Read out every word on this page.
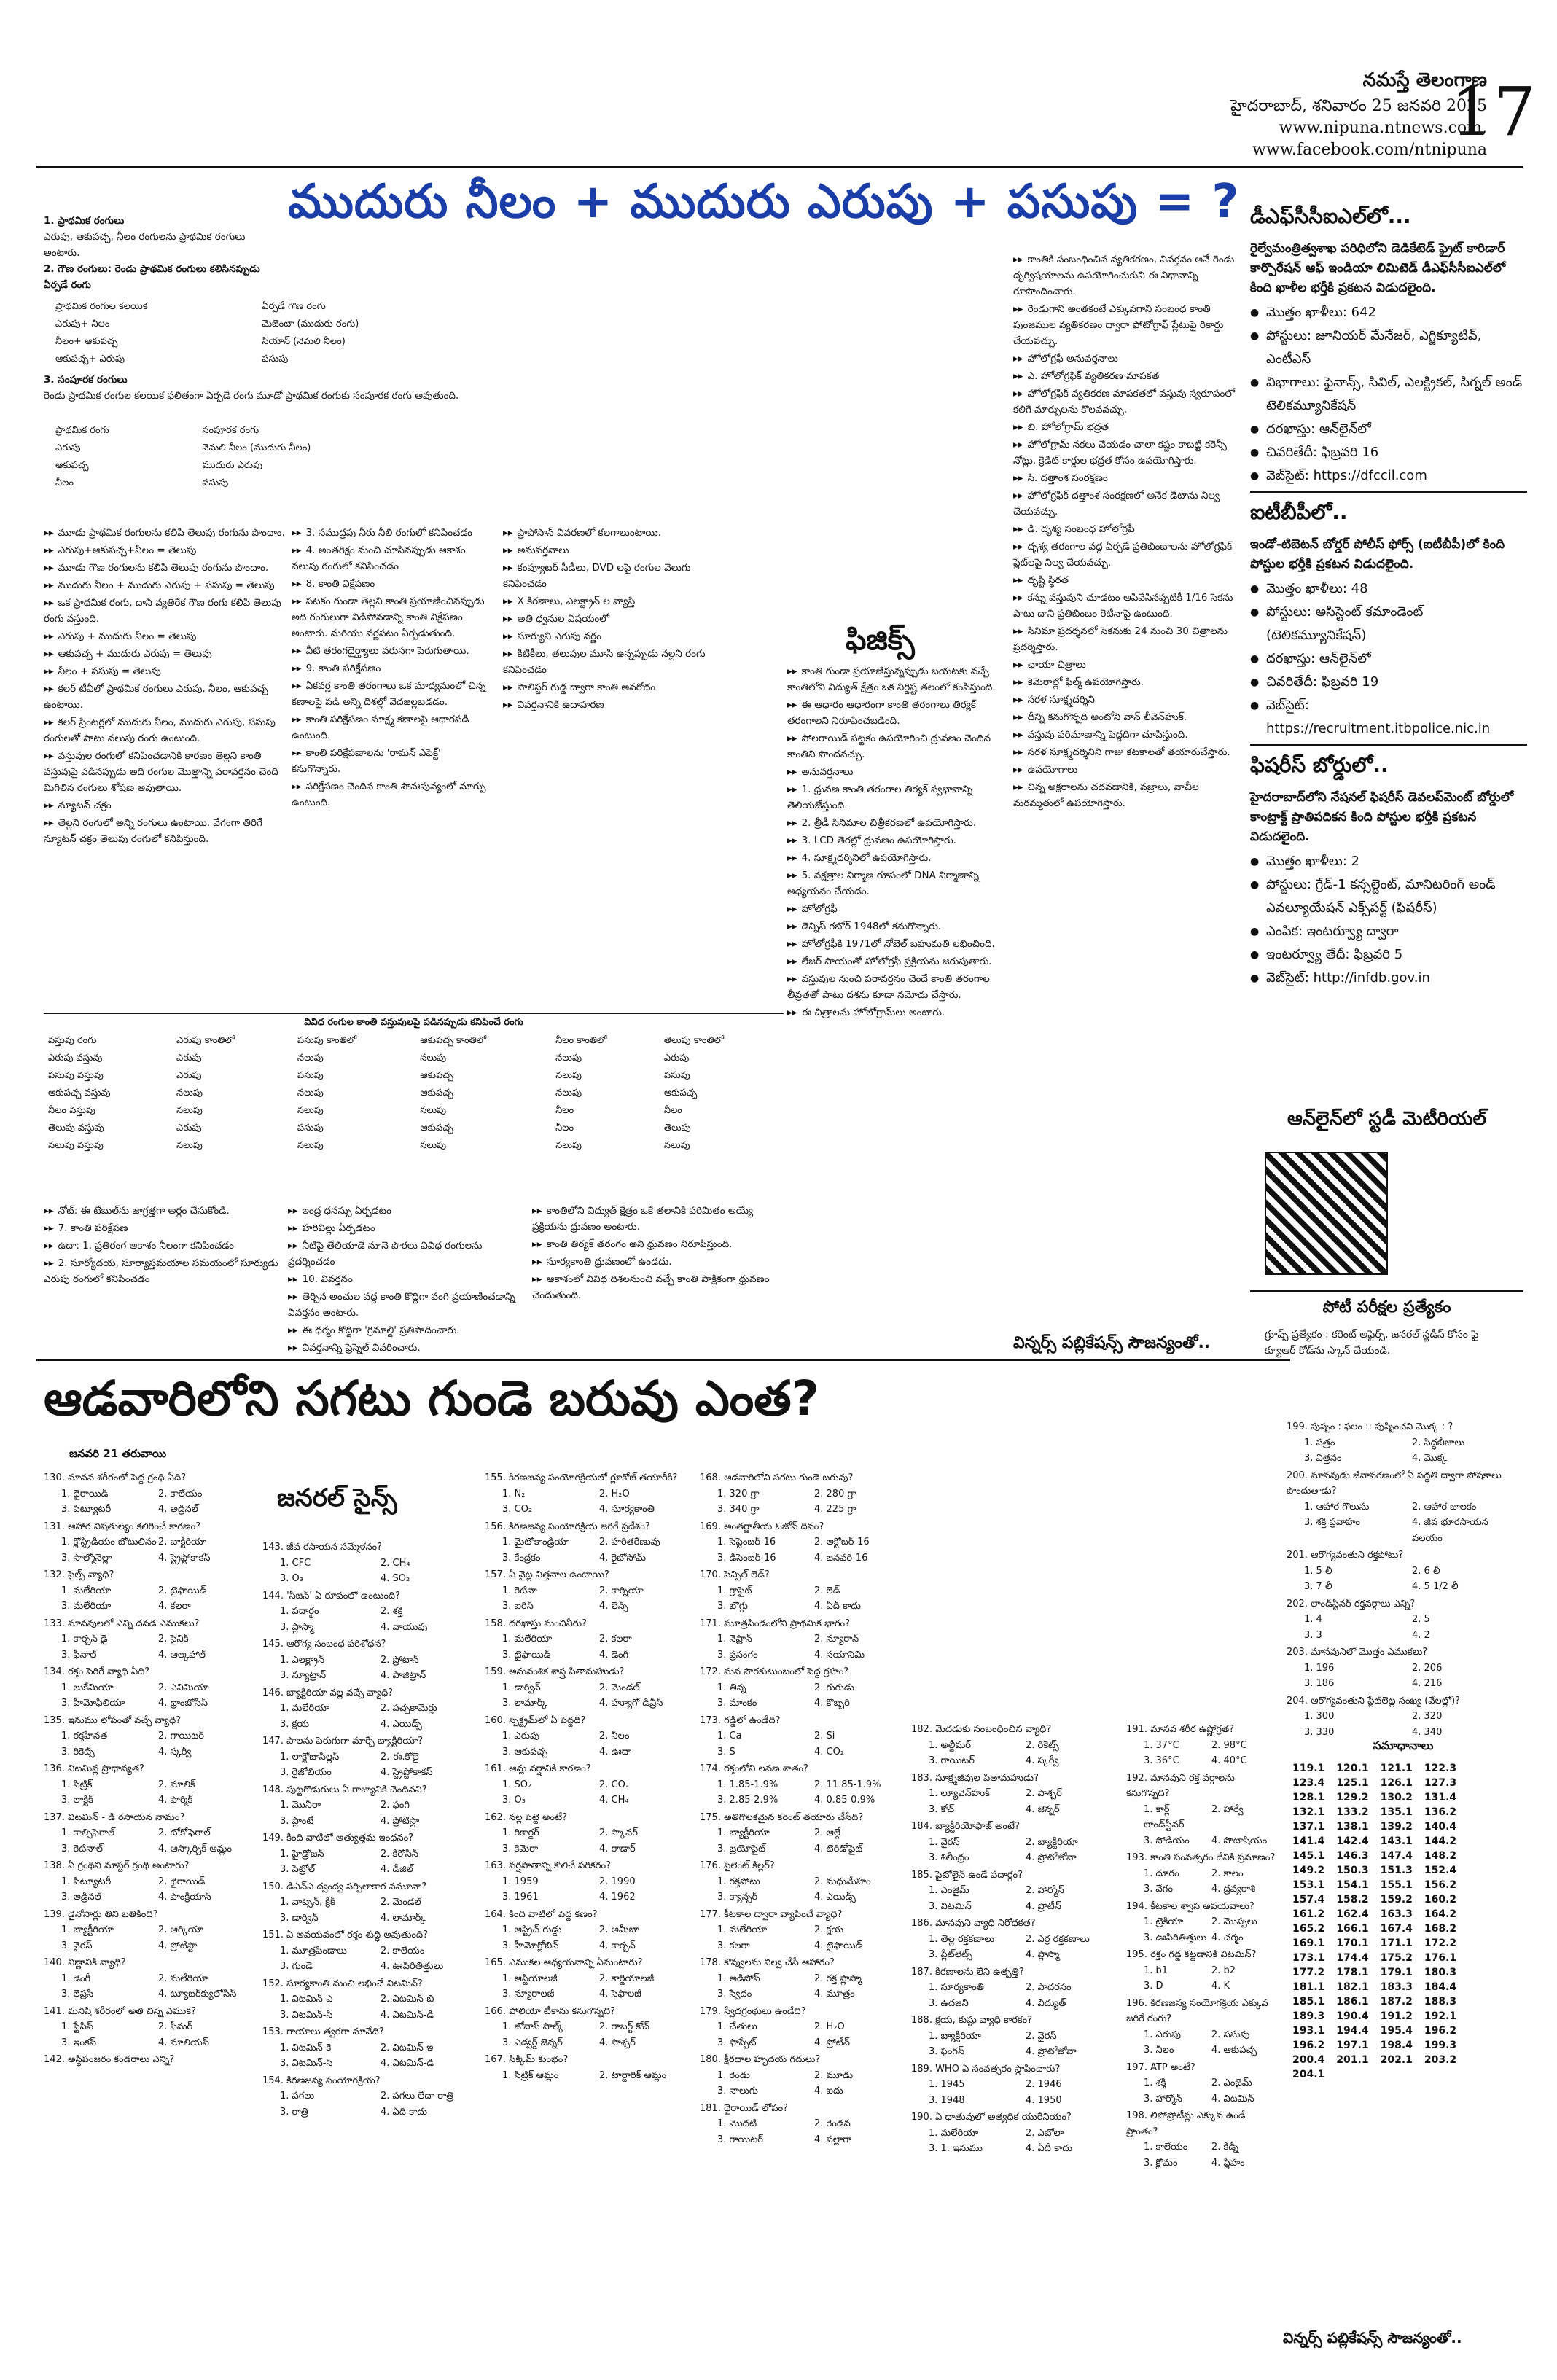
నమస్తే తెలంగాణ
హైదరాబాద్, శనివారం 25 జనవరి 2025
www.nipuna.ntnews.com,
www.facebook.com/ntnipuna
17
ముదురు నీలం + ముదురు ఎరుపు + పసుపు = ?
1. ప్రాథమిక రంగులు
ఎరుపు, ఆకుపచ్చ, నీలం రంగులను ప్రాథమిక రంగులు అంటారు.
2. గౌణ రంగులు: రెండు ప్రాథమిక రంగులు కలిసినప్పుడు ఏర్పడే రంగు
ప్రాథమిక రంగుల కలయిక	ఏర్పడే గౌణ రంగు
ఎరుపు+ నీలం	మెజెంటా (ముదురు రంగు)
నీలం+ ఆకుపచ్చ	సియాన్ (నెమలి నీలం)
ఆకుపచ్చ+ ఎరుపు	పసుపు
3. సంపూరక రంగులు
రెండు ప్రాథమిక రంగుల కలయిక ఫలితంగా ఏర్పడే రంగు మూడో ప్రాథమిక రంగుకు సంపూరక రంగు అవుతుంది.
ప్రాథమిక రంగు	సంపూరక రంగు
ఎరుపు	నెమలి నీలం (ముదురు నీలం)
ఆకుపచ్చ	ముదురు ఎరుపు
నీలం	పసుపు
▸▸ మూడు ప్రాథమిక రంగులను కలిపి తెలుపు రంగును పొందాం.
▸▸ ఎరుపు+ఆకుపచ్చ+నీలం = తెలుపు
▸▸ మూడు గౌణ రంగులను కలిపి తెలుపు రంగును పొందాం.
▸▸ ముదురు నీలం + ముదురు ఎరుపు + పసుపు = తెలుపు
▸▸ ఒక ప్రాథమిక రంగు, దాని వ్యతిరేక గౌణ రంగు కలిపి తెలుపు రంగు వస్తుంది.
▸▸ ఎరుపు + ముదురు నీలం = తెలుపు
▸▸ ఆకుపచ్చ + ముదురు ఎరుపు = తెలుపు
▸▸ నీలం + పసుపు = తెలుపు
▸▸ కలర్ టీవీలో ప్రాథమిక రంగులు ఎరుపు, నీలం, ఆకుపచ్చ ఉంటాయి.
▸▸ కలర్ ప్రింటర్లలో ముదురు నీలం, ముదురు ఎరుపు, పసుపు రంగులతో పాటు నలుపు రంగు ఉంటుంది.
▸▸ వస్తువుల రంగులో కనిపించడానికి కారణం తెల్లని కాంతి వస్తువుపై పడినప్పుడు అది రంగుల మొత్తాన్ని పరావర్తనం చెంది మిగిలిన రంగులు శోషణ అవుతాయి.
▸▸ న్యూటన్ చక్రం
▸▸ తెల్లని రంగులో అన్ని రంగులు ఉంటాయి. వేగంగా తిరిగే న్యూటన్ చక్రం తెలుపు రంగులో కనిపిస్తుంది.
▸▸ 3. సముద్రపు నీరు నీలి రంగులో కనిపించడం
▸▸ 4. అంతరిక్షం నుంచి చూసినప్పుడు ఆకాశం నలుపు రంగులో కనిపించడం
▸▸ 8. కాంతి విక్షేపణం
▸▸ పటకం గుండా తెల్లని కాంతి ప్రయాణించినప్పుడు అది రంగులుగా విడిపోవడాన్ని కాంతి విక్షేపణం అంటారు. మరియు వర్ణపటం ఏర్పడుతుంది.
▸▸ వీటి తరంగదైర్ఘ్యాలు వరుసగా పెరుగుతాయి.
▸▸ 9. కాంతి పరిక్షేపణం
▸▸ ఏకవర్ణ కాంతి తరంగాలు ఒక మాధ్యమంలో చిన్న కణాలపై పడి అన్ని దిశల్లో వెదజల్లబడడం.
▸▸ కాంతి పరిక్షేపణం సూక్ష్మ కణాలపై ఆధారపడి ఉంటుంది.
▸▸ కాంతి పరిక్షేపణాలను 'రామన్ ఎఫెక్ట్' కనుగొన్నారు.
▸▸ పరిక్షేపణం చెందిన కాంతి పౌనఃపున్యంలో మార్పు ఉంటుంది.
▸▸ ప్రాపోసాన్ వివరణలో కలగాలుంటాయి.
▸▸ అనువర్తనాలు
▸▸ కంప్యూటర్ సీడీలు, DVD లపై రంగుల వెలుగు కనిపించడం
▸▸ X కిరణాలు, ఎలక్ట్రాన్ ల వ్యాప్తి
▸▸ అతి ధ్వనుల విషయంలో
▸▸ సూర్యుని ఎరుపు వర్ణం
▸▸ కిటికీలు, తలుపుల మూసి ఉన్నప్పుడు నల్లని రంగు కనిపించడం
▸▸ పాలిస్టర్ గుడ్డ ద్వారా కాంతి అవరోధం
▸▸ వివర్తనానికి ఉదాహరణ
వివిధ రంగుల కాంతి వస్తువులపై పడినప్పుడు కనిపించే రంగు
వస్తువు రంగు	ఎరుపు కాంతిలో	పసుపు కాంతిలో	ఆకుపచ్చ కాంతిలో	నీలం కాంతిలో	తెలుపు కాంతిలో
ఎరుపు వస్తువు	ఎరుపు	నలుపు	నలుపు	నలుపు	ఎరుపు
పసుపు వస్తువు	ఎరుపు	పసుపు	ఆకుపచ్చ	నలుపు	పసుపు
ఆకుపచ్చ వస్తువు	నలుపు	నలుపు	ఆకుపచ్చ	నలుపు	ఆకుపచ్చ
నీలం వస్తువు	నలుపు	నలుపు	నలుపు	నీలం	నీలం
తెలుపు వస్తువు	ఎరుపు	పసుపు	ఆకుపచ్చ	నీలం	తెలుపు
నలుపు వస్తువు	నలుపు	నలుపు	నలుపు	నలుపు	నలుపు
▸▸ నోట్: ఈ టేబుల్‌ను జాగ్రత్తగా అర్థం చేసుకోండి.
▸▸ 7. కాంతి పరిక్షేపణ
▸▸ ఉదా: 1. ప్రతిరంగ ఆకాశం నీలంగా కనిపించడం
▸▸ 2. సూర్యోదయ, సూర్యాస్తమయాల సమయంలో సూర్యుడు ఎరుపు రంగులో కనిపించడం
▸▸ ఇంద్ర ధనస్సు ఏర్పడటం
▸▸ హరివిల్లు ఏర్పడటం
▸▸ నీటిపై తేలియాడే నూనె పొరలు వివిధ రంగులను ప్రదర్శించడం
▸▸ 10. వివర్తనం
▸▸ తెర్చిన అంచుల వద్ద కాంతి కొద్దిగా వంగి ప్రయాణించడాన్ని వివర్తనం అంటారు.
▸▸ ఈ ధర్మం కొద్దిగా 'గ్రిమాల్డి' ప్రతిపాదించారు.
▸▸ వివర్తనాన్ని ఫ్రెస్నెల్ వివరించారు.
▸▸ కాంతిలోని విద్యుత్ క్షేత్రం ఒకే తలానికి పరిమితం అయ్యే ప్రక్రియను ధ్రువణం అంటారు.
▸▸ కాంతి తిర్యక్ తరంగం అని ధ్రువణం నిరూపిస్తుంది.
▸▸ సూర్యకాంతి ధ్రువణంలో ఉండదు.
▸▸ ఆకాశంలో వివిధ దిశలనుంచి వచ్చే కాంతి పాక్షికంగా ధ్రువణం చెందుతుంది.
ఫిజిక్స్
▸▸ కాంతి గుండా ప్రయాణిస్తున్నప్పుడు బయటకు వచ్చే కాంతిలోని విద్యుత్ క్షేత్రం ఒక నిర్దిష్ట తలంలో కంపిస్తుంది.
▸▸ ఈ ఆధారం ఆధారంగా కాంతి తరంగాలు తిర్యక్ తరంగాలని నిరూపించబడింది.
▸▸ పోలరాయిడ్ పట్టకం ఉపయోగించి ధ్రువణం చెందిన కాంతిని పొందవచ్చు.
▸▸ అనువర్తనాలు
▸▸ 1. ధ్రువణ కాంతి తరంగాల తిర్యక్ స్వభావాన్ని తెలియజేస్తుంది.
▸▸ 2. త్రీడీ సినిమాల చిత్రీకరణలో ఉపయోగిస్తారు.
▸▸ 3. LCD తెరల్లో ధ్రువణం ఉపయోగిస్తారు.
▸▸ 4. సూక్ష్మదర్శినిలో ఉపయోగిస్తారు.
▸▸ 5. నక్షత్రాల నిర్మాణ రూపంలో DNA నిర్మాణాన్ని అధ్యయనం చేయడం.
▸▸ హోలోగ్రఫీ
▸▸ డెన్నిస్ గబోర్ 1948లో కనుగొన్నారు.
▸▸ హోలోగ్రఫీకి 1971లో నోబెల్ బహుమతి లభించింది.
▸▸ లేజర్ సాయంతో హోలోగ్రఫీ ప్రక్రియను జరుపుతారు.
▸▸ వస్తువుల నుంచి పరావర్తనం చెందే కాంతి తరంగాల తీవ్రతతో పాటు దశను కూడా నమోదు చేస్తారు.
▸▸ ఈ చిత్రాలను హోలోగ్రామ్‌లు అంటారు.
▸▸ కాంతికి సంబంధించిన వ్యతికరణం, వివర్తనం అనే రెండు దృగ్విషయాలను ఉపయోగించుకుని ఈ విధానాన్ని రూపొందించారు.
▸▸ రెండుగాని అంతకంటే ఎక్కువగాని సంబంధ కాంతి పుంజముల వ్యతికరణం ద్వారా ఫోటోగ్రాఫ్ ప్లేటుపై రికార్డు చేయవచ్చు.
▸▸ హోలోగ్రఫీ అనువర్తనాలు
▸▸ ఎ. హోలోగ్రఫిక్ వ్యతికరణ మాపకత
▸▸ హోలోగ్రఫిక్ వ్యతికరణ మాపకతలో వస్తువు స్వరూపంలో కలిగే మార్పులను కొలవవచ్చు.
▸▸ బి. హోలోగ్రామ్ భద్రత
▸▸ హోలోగ్రామ్ నకలు చేయడం చాలా కష్టం కాబట్టి కరెన్సీ నోట్లు, క్రెడిట్ కార్డుల భద్రత కోసం ఉపయోగిస్తారు.
▸▸ సి. దత్తాంశ సంరక్షణం
▸▸ హోలోగ్రఫిక్ దత్తాంశ సంరక్షణలో అనేక డేటాను నిల్వ చేయవచ్చు.
▸▸ డి. దృశ్య సంబంధ హోలోగ్రఫీ
▸▸ దృశ్య తరంగాల వద్ద ఏర్పడే ప్రతిబింబాలను హోలోగ్రఫిక్ ప్లేట్‌లపై నిల్వ చేయవచ్చు.
▸▸ దృష్టి స్థిరత
▸▸ కన్ను వస్తువుని చూడటం ఆపివేసినప్పటికీ 1/16 సెకను పాటు దాని ప్రతిబింబం రెటీనాపై ఉంటుంది.
▸▸ సినిమా ప్రదర్శనలో సెకనుకు 24 నుంచి 30 చిత్రాలను ప్రదర్శిస్తారు.
▸▸ ఛాయా చిత్రాలు
▸▸ కెమెరాల్లో ఫిల్మ్ ఉపయోగిస్తారు.
▸▸ సరళ సూక్ష్మదర్శిని
▸▸ దీన్ని కనుగొన్నది అంటోని వాన్ లీవెన్‌హుక్.
▸▸ వస్తువు పరిమాణాన్ని పెద్దదిగా చూపిస్తుంది.
▸▸ సరళ సూక్ష్మదర్శినిని గాజు కటకాలతో తయారుచేస్తారు.
▸▸ ఉపయోగాలు
▸▸ చిన్న అక్షరాలను చదవడానికి, వజ్రాలు, వాచీల మరమ్మతులో ఉపయోగిస్తారు.
విన్నర్స్ పబ్లికేషన్స్ సౌజన్యంతో..
డీఎఫ్‌సీసీఐఎల్‌లో...

రైల్వేమంత్రిత్వశాఖ పరిధిలోని డెడికేటెడ్ ఫ్రైట్ కారిడార్ కార్పొరేషన్ ఆఫ్ ఇండియా లిమిటెడ్ డీఎఫ్‌సీసీఐఎల్‌లో కింది ఖాళీల భర్తీకి ప్రకటన విడుదలైంది.

● మొత్తం ఖాళీలు: 642
● పోస్టులు: జూనియర్ మేనేజర్, ఎగ్జిక్యూటివ్, ఎంటీఎస్
● విభాగాలు: ఫైనాన్స్, సివిల్, ఎలక్ట్రికల్, సిగ్నల్ అండ్ టెలికమ్యూనికేషన్
● దరఖాస్తు: ఆన్‌లైన్‌లో
● చివరితేదీ: ఫిబ్రవరి 16
● వెబ్‌సైట్: https://dfccil.com
ఐటీబీపీలో..

ఇండో-టిబెటన్ బోర్డర్ పోలీస్ ఫోర్స్ (ఐటీబీపీ)లో కింది పోస్టుల భర్తీకి ప్రకటన విడుదలైంది.

● మొత్తం ఖాళీలు: 48
● పోస్టులు: అసిస్టెంట్ కమాండెంట్ (టెలికమ్యూనికేషన్)
● దరఖాస్తు: ఆన్‌లైన్‌లో
● చివరితేదీ: ఫిబ్రవరి 19
● వెబ్‌సైట్: https://recruitment.itbpolice.nic.in
ఫిషరీస్ బోర్డులో..

హైదరాబాద్‌లోని నేషనల్ ఫిషరీస్ డెవలప్‌మెంట్ బోర్డులో కాంట్రాక్ట్ ప్రాతిపదికన కింది పోస్టుల భర్తీకి ప్రకటన విడుదలైంది.

● మొత్తం ఖాళీలు: 2
● పోస్టులు: గ్రేడ్-1 కన్సల్టెంట్, మానిటరింగ్ అండ్ ఎవల్యూయేషన్ ఎక్స్‌పర్ట్ (ఫిషరీస్)
● ఎంపిక: ఇంటర్వ్యూ ద్వారా
● ఇంటర్వ్యూ తేదీ: ఫిబ్రవరి 5
● వెబ్‌సైట్: http://infdb.gov.in
ఆన్‌లైన్‌లో స్టడీ మెటీరియల్
పోటీ పరీక్షల ప్రత్యేకం
గ్రూప్స్ ప్రత్యేకం : కరెంట్ అఫైర్స్, జనరల్ స్టడీస్ కోసం పై క్యూఆర్ కోడ్‌ను స్కాన్ చేయండి.
ఆడవారిలోని సగటు గుండె బరువు ఎంత?
జనవరి 21 తరువాయి
జనరల్ సైన్స్
130. మానవ శరీరంలో పెద్ద గ్రంథి ఏది?
1. థైరాయిడ్	2. కాలేయం
3. పిట్యూటరీ	4. అడ్రినల్
131. ఆహార విషతుల్యం కలిగించే కారణం?
1. క్లోస్ట్రిడియం బోటులినం 2. బాక్టీరియా
3. సాల్మోనెల్లా	4. స్ట్రెప్టోకాకస్
132. పైల్స్ వ్యాధి?
1. మలేరియా	2. టైఫాయిడ్
3. మలేరియా	4. కలరా
133. మానవులలో ఎన్ని దవడ ఎముకలు?
1. కార్బన్ డై	2. సైనిక్
3. ఫీనాల్	4. ఆల్కహాల్
134. రక్తం పెరిగే వ్యాధి ఏది?
1. లుకేమియా	2. ఎనిమియా
3. హీమోఫిలియా	4. థ్రాంబోసిస్
135. ఇనుము లోపంతో వచ్చే వ్యాధి?
1. రక్తహీనత	2. గాయిటర్
3. రికెట్స్	4. స్కర్వీ
136. విటమిన్ల ప్రాధాన్యత?
1. సిట్రిక్	2. మాలిక్
3. లాక్టిక్	4. ఫార్మిక్
137. విటమిన్ - డి రసాయన నామం?
1. కాల్సిఫెరాల్	2. టోకోఫెరాల్
3. రెటినాల్	4. ఆస్కార్బిక్ ఆమ్లం
138. ఏ గ్రంథిని మాస్టర్ గ్రంథి అంటారు?
1. పిట్యూటరీ	2. థైరాయిడ్
3. అడ్రినల్	4. పాంక్రియాస్
139. డైనోసార్లు తిని బతికింది?
1. బ్యాక్టీరియా	2. ఆర్కియా
3. వైరస్	4. ప్రోటిస్టా
140. నిణ్ణానికి వ్యాధి?
1. డెంగీ	2. మలేరియా
3. లెప్రసీ	4. ట్యూబర్‌క్యులోసిస్
141. మనిషి శరీరంలో అతి చిన్న ఎముక?
1. స్టేపిస్	2. ఫీమర్
3. ఇంకస్	4. మాలియస్
142. అస్థిపంజరం కండరాలు ఎన్ని?
143. జీవ రసాయన సమ్మేళనం?
1. CFC	2. CH₄
3. O₃	4. SO₂
144. 'సీజన్' ఏ రూపంలో ఉంటుంది?
1. పదార్థం	2. శక్తి
3. ప్లాస్మా	4. వాయువు
145. ఆరోగ్య సంబంధ పరిశోధన?
1. ఎలక్ట్రాన్	2. ప్రోటాన్
3. న్యూట్రాన్	4. పాజిట్రాన్
146. బ్యాక్టీరియా వల్ల వచ్చే వ్యాధి?
1. మలేరియా	2. పచ్చకామెర్లు
3. క్షయ	4. ఎయిడ్స్
147. పాలను పెరుగుగా మార్చే బ్యాక్టీరియా?
1. లాక్టోబాసిల్లస్	2. ఈ.కోలై
3. రైజోబియం	4. స్ట్రెప్టోకాకస్
148. పుట్టగొడుగులు ఏ రాజ్యానికి చెందినవి?
1. మొనీరా	2. ఫంగి
3. ప్లాంటే	4. ప్రోటిస్టా
149. కింది వాటిలో అత్యుత్తమ ఇంధనం?
1. హైడ్రోజన్	2. కిరోసిన్
3. పెట్రోల్	4. డీజిల్
150. డిఎన్ఎ ద్వంద్వ సర్పిలాకార నమూనా?
1. వాట్సన్, క్రిక్	2. మెండల్
3. డార్విన్	4. లామార్క్
151. ఏ అవయవంలో రక్తం శుద్ధి అవుతుంది?
1. మూత్రపిండాలు	2. కాలేయం
3. గుండె	4. ఊపిరితిత్తులు
152. సూర్యకాంతి నుంచి లభించే విటమిన్?
1. విటమిన్-ఎ	2. విటమిన్-బి
3. విటమిన్-సి	4. విటమిన్-డి
153. గాయాలు త్వరగా మానేది?
1. విటమిన్-కె	2. విటమిన్-ఇ
3. విటమిన్-సి	4. విటమిన్-డి
154. కిరణజన్య సంయోగక్రియ?
1. పగలు	2. పగలు లేదా రాత్రి
3. రాత్రి	4. ఏదీ కాదు
155. కిరణజన్య సంయోగక్రియలో గ్లూకోజ్ తయారీకి?
1. N₂	2. H₂O
3. CO₂	4. సూర్యకాంతి
156. కిరణజన్య సంయోగక్రియ జరిగే ప్రదేశం?
1. మైటోకాండ్రియా	2. హరితరేణువు
3. కేంద్రకం	4. రైబోసోమ్
157. ఏ వైట్ల విత్తనాల ఉంటాయి?
1. రెటినా	2. కార్నియా
3. ఐరిస్	4. లెన్స్
158. దరఖాస్తు మంచినీరు?
1. మలేరియా	2. కలరా
3. టైఫాయిడ్	4. డెంగీ
159. అనువంశిక శాస్త్ర పితామహుడు?
1. డార్విన్	2. మెండల్
3. లామార్క్	4. హ్యూగో డివ్రీస్
160. స్పెక్ట్రమ్‌లో ఏ పెద్దది?
1. ఎరుపు	2. నీలం
3. ఆకుపచ్చ	4. ఊదా
161. ఆమ్ల వర్షానికి కారణం?
1. SO₂	2. CO₂
3. O₃	4. CH₄
162. నల్ల పెట్టె అంటే?
1. రికార్డర్	2. స్కానర్
3. కెమెరా	4. రాడార్
163. వర్షపాతాన్ని కొలిచే పరికరం?
1. 1959	2. 1990
3. 1961	4. 1962
164. కింది వాటిలో పెద్ద కణం?
1. ఆస్ట్రిచ్ గుడ్డు	2. అమీబా
3. హీమోగ్లోబిన్	4. కార్బన్
165. ఎముకల ఆధ్యయనాన్ని ఏమంటారు?
1. ఆస్టియాలజీ	2. కార్డియాలజీ
3. న్యూరాలజీ	4. సెఫాలజీ
166. పోలియో టీకాను కనుగొన్నది?
1. జోనాస్ సాల్క్	2. రాబర్ట్ కోచ్
3. ఎడ్వర్డ్ జెన్నర్	4. పాశ్చర్
167. సిక్కిమ్ కుంభం?
1. సిట్రిక్ ఆమ్లం	2. టార్టారిక్ ఆమ్లం
168. ఆడవారిలోని సగటు గుండె బరువు?
1. 320 గ్రా	2. 280 గ్రా
3. 340 గ్రా	4. 225 గ్రా
169. అంతర్జాతీయ ఓజోన్ దినం?
1. సెప్టెంబర్-16	2. అక్టోబర్-16
3. డిసెంబర్-16	4. జనవరి-16
170. పెన్సిల్ లెడ్?
1. గ్రాఫైట్	2. లెడ్
3. బొగ్గు	4. ఏదీ కాదు
171. మూత్రపిండంలోని ప్రాథమిక భాగం?
1. నెఫ్రాన్	2. న్యూరాన్
3. ప్రసంగం	4. సయానిమి
172. మన సౌరకుటుంబంలో పెద్ద గ్రహం?
1. తిన్న	2. గురుడు
3. మాంకం	4. కొబ్బరి
173. గడ్డిలో ఉండేది?
1. Ca	2. Si
3. S	4. CO₂
174. రక్తంలోని లవణ శాతం?
1. 1.85-1.9%	2. 11.85-1.9%
3. 2.85-2.9%	4. 0.85-0.9%
175. అతిగొలకమైన కరెంట్ తయారు చేసేది?
1. బ్యాక్టీరియా	2. ఆల్గే
3. బ్రయోఫైట్	4. టెరిడోఫైట్
176. సైలెంట్ కిల్లర్?
1. రక్తపోటు	2. మధుమేహం
3. క్యాన్సర్	4. ఎయిడ్స్
177. కీటకాల ద్వారా వ్యాపించే వ్యాధి?
1. మలేరియా	2. క్షయ
3. కలరా	4. టైఫాయిడ్
178. కొవ్వులను నిల్వ చేసే ఆహారం?
1. అడిపోస్	2. రక్త ప్లాస్మా
3. స్వేదం	4. మూత్రం
179. స్వేదగ్రంథులు ఉండేది?
1. చేతులు	2. H₂O
3. ఫాస్ఫేట్	4. ప్రోటీన్
180. క్షీరదాల హృదయ గదులు?
1. రెండు	2. మూడు
3. నాలుగు	4. ఐదు
181. థైరాయిడ్ లోపం?
1. మొదటి	2. రెండవ
3. గాయిటర్	4. పల్లాగా
182. మెదడుకు సంబంధించిన వ్యాధి?
1. అల్జీమర్	2. రికెట్స్
3. గాయిటర్	4. స్కర్వీ
183. సూక్ష్మజీవుల పితామహుడు?
1. ల్యూవెన్‌హుక్	2. పాశ్చర్
3. కోచ్	4. జెన్నర్
184. బ్యాక్టీరియోఫాజ్ అంటే?
1. వైరస్	2. బ్యాక్టీరియా
3. శిలీంధ్రం	4. ప్రోటోజోవా
185. పైటోలైన్ ఉండే పదార్థం?
1. ఎంజైమ్	2. హార్మోన్
3. విటమిన్	4. ప్రోటీన్
186. మానవుని వ్యాధి నిరోధకత?
1. తెల్ల రక్తకణాలు	2. ఎర్ర రక్తకణాలు
3. ప్లేట్‌లెట్స్	4. ప్లాస్మా
187. కిరణాలను లేని ఉత్పత్తి?
1. సూర్యకాంతి	2. పాదరసం
3. ఉదజని	4. విద్యుత్
188. క్షయ, కుష్ఠు వ్యాధి కారకం?
1. బ్యాక్టీరియా	2. వైరస్
3. ఫంగస్	4. ప్రోటోజోవా
189. WHO ఏ సంవత్సరం స్థాపించారు?
1. 1945	2. 1946
3. 1948	4. 1950
190. ఏ ధాతువులో అత్యధిక యురేనియం?
1. మలేరియా	2. ఎబోలా
3. 1. ఇనుము	4. ఏదీ కాదు
191. మానవ శరీర ఉష్ణోగ్రత?
1. 37°C	2. 98°C
3. 36°C	4. 40°C
192. మానవుని రక్త వర్గాలను కనుగొన్నది?
1. కార్ల్ లాండ్‌స్టీనర్
2. హార్వే
3. సోడియం	4. పొటాషియం
193. కాంతి సంవత్సరం దేనికి ప్రమాణం?
1. దూరం	2. కాలం
3. వేగం	4. ద్రవ్యరాశి
194. కీటకాల శ్వాస అవయవాలు?
1. ట్రెకియా	2. మొప్పలు
3. ఊపిరితిత్తులు 4. చర్మం
195. రక్తం గడ్డ కట్టడానికి విటమిన్?
1. b1	2. b2
3. D	4. K
196. కిరణజన్య సంయోగక్రియ ఎక్కువ జరిగే రంగు?
1. ఎరుపు	2. పసుపు
3. నీలం	4. ఆకుపచ్చ
197. ATP అంటే?
1. శక్తి	2. ఎంజైమ్
3. హార్మోన్	4. విటమిన్
198. లిపోప్రోటీన్లు ఎక్కువ ఉండే ప్రాంతం?
1. కాలేయం	2. కిడ్నీ
3. క్లోమం	4. ప్లీహం
199. పుష్పం : ఫలం :: పుష్పించని మొక్క : ?
1. పత్రం	2. సిద్ధబీజాలు
3. విత్తనం	4. మొక్క
200. మానవుడు జీవావరణంలో ఏ పద్ధతి ద్వారా పోషకాలు పొందుతాడు?
1. ఆహార గొలుసు	2. ఆహార జాలకం
3. శక్తి ప్రవాహం	4. జీవ భూరసాయన వలయం
201. ఆరోగ్యవంతుని రక్తపోటు?
1. 5 లీ	2. 6 లీ
3. 7 లీ	4. 5 1/2 లీ
202. లాండ్‌స్టీనర్ రక్తవర్గాలు ఎన్ని?
1. 4	2. 5
3. 3	4. 2
203. మానవునిలో మొత్తం ఎముకలు?
1. 196	2. 206
3. 186	4. 216
204. ఆరోగ్యవంతుని ప్లేట్‌లెట్ల సంఖ్య (వేలల్లో)?
1. 300	2. 320
3. 330	4. 340
సమాధానాలు
119.1	120.1	121.1	122.3
123.4	125.1	126.1	127.3
128.1	129.2	130.2	131.4
132.1	133.2	135.1	136.2
137.1	138.1	139.2	140.4
141.4	142.4	143.1	144.2
145.1	146.3	147.4	148.2
149.2	150.3	151.3	152.4
153.1	154.1	155.1	156.2
157.4	158.2	159.2	160.2
161.2	162.4	163.3	164.2
165.2	166.1	167.4	168.2
169.1	170.1	171.1	172.2
173.1	174.4	175.2	176.1
177.2	178.1	179.1	180.3
181.1	182.1	183.3	184.4
185.1	186.1	187.2	188.3
189.3	190.4	191.2	192.1
193.1	194.4	195.4	196.2
196.2	197.1	198.4	199.3
200.4	201.1	202.1	203.2
204.1			
విన్నర్స్ పబ్లికేషన్స్ సౌజన్యంతో..
